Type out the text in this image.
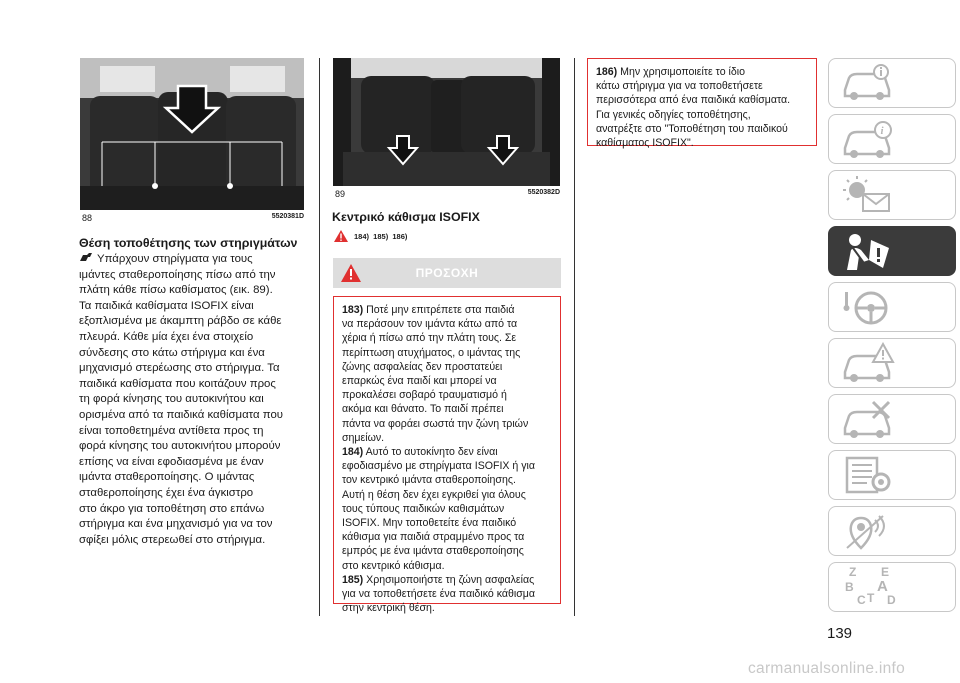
88	5520381D
Θέση τοποθέτησης των στηριγμάτων
Υπάρχουν στηρίγματα για τους
ιμάντες σταθεροποίησης πίσω από την
πλάτη κάθε πίσω καθίσματος (εικ. 89).
Τα παιδικά καθίσματα ISOFIX είναι
εξοπλισμένα με άκαμπτη ράβδο σε κάθε
πλευρά. Κάθε μία έχει ένα στοιχείο
σύνδεσης στο κάτω στήριγμα και ένα
μηχανισμό στερέωσης στο στήριγμα. Τα
παιδικά καθίσματα που κοιτάζουν προς
τη φορά κίνησης του αυτοκινήτου και
ορισμένα από τα παιδικά καθίσματα που
είναι τοποθετημένα αντίθετα προς τη
φορά κίνησης του αυτοκινήτου μπορούν
επίσης να είναι εφοδιασμένα με έναν
ιμάντα σταθεροποίησης. Ο ιμάντας
σταθεροποίησης έχει ένα άγκιστρο
στο άκρο για τοποθέτηση στο επάνω
στήριγμα και ένα μηχανισμό για να τον
σφίξει μόλις στερεωθεί στο στήριγμα.
89	5520382D
Κεντρικό κάθισμα ISOFIX
184)  185)  186)
ΠΡΟΣΟΧΗ
183) Ποτέ μην επιτρέπετε στα παιδιά
να περάσουν τον ιμάντα κάτω από τα
χέρια ή πίσω από την πλάτη τους. Σε
περίπτωση ατυχήματος, ο ιμάντας της
ζώνης ασφαλείας δεν προστατεύει
επαρκώς ένα παιδί και μπορεί να
προκαλέσει σοβαρό τραυματισμό ή
ακόμα και θάνατο. Το παιδί πρέπει
πάντα να φοράει σωστά την ζώνη τριών
σημείων.
184) Αυτό το αυτοκίνητο δεν είναι
εφοδιασμένο με στηρίγματα ISOFIX ή για
τον κεντρικό ιμάντα σταθεροποίησης.
Αυτή η θέση δεν έχει εγκριθεί για όλους
τους τύπους παιδικών καθισμάτων
ISOFIX. Μην τοποθετείτε ένα παιδικό
κάθισμα για παιδιά στραμμένο προς τα
εμπρός με ένα ιμάντα σταθεροποίησης
στο κεντρικό κάθισμα.
185) Χρησιμοποιήστε τη ζώνη ασφαλείας
για να τοποθετήσετε ένα παιδικό κάθισμα
στην κεντρική θέση.
186) Μην χρησιμοποιείτε το ίδιο
κάτω στήριγμα για να τοποθετήσετε
περισσότερα από ένα παιδικά καθίσματα.
Για γενικές οδηγίες τοποθέτησης,
ανατρέξτε στο "Τοποθέτηση του παιδικού
καθίσματος ISOFIX".
i
Z E
B A
C T D
139
carmanualsonline.info
